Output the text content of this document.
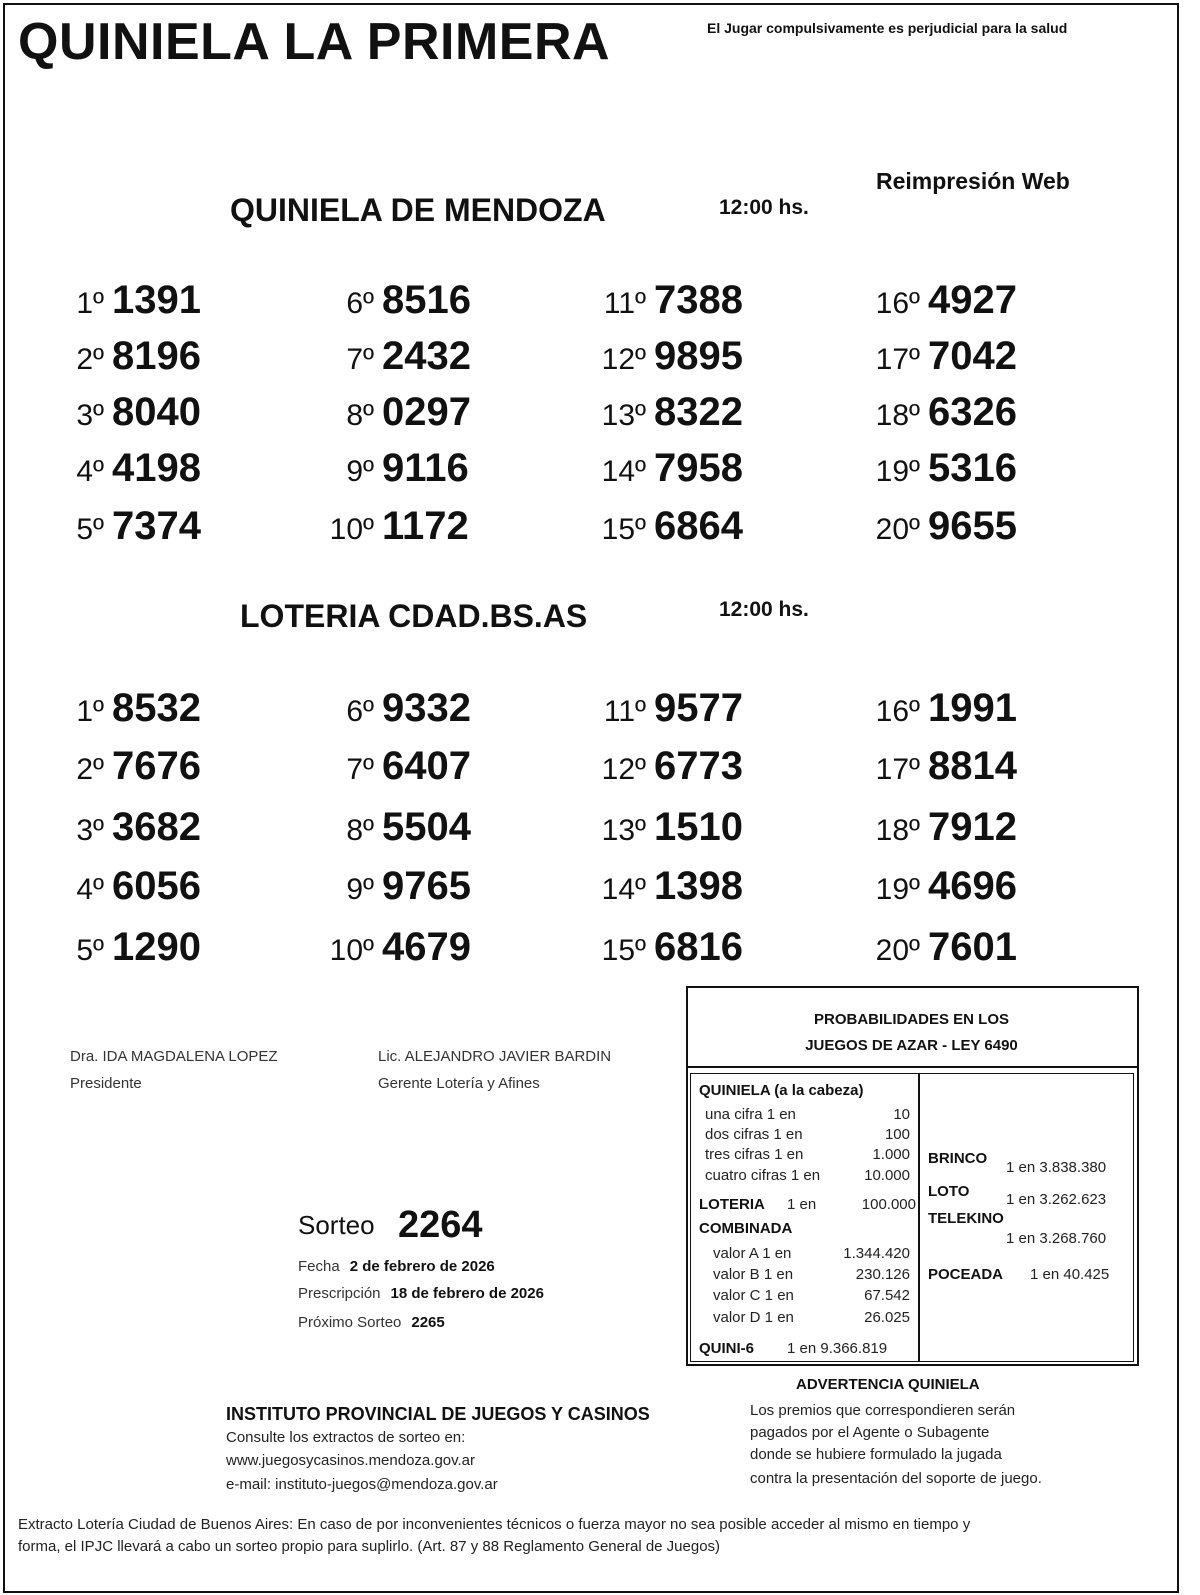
QUINIELA LA PRIMERA	El Jugar compulsivamente es perjudicial para la salud
Reimpresión Web
QUINIELA DE MENDOZA	12:00 hs.
1º 1391
2º 8196
3º 8040
4º 4198
5º 7374
6º 8516
7º 2432
8º 0297
9º 9116
10º 1172
11º 7388
12º 9895
13º 8322
14º 7958
15º 6864
16º 4927
17º 7042
18º 6326
19º 5316
20º 9655
LOTERIA CDAD.BS.AS	12:00 hs.
1º 8532
2º 7676
3º 3682
4º 6056
5º 1290
6º 9332
7º 6407
8º 5504
9º 9765
10º 4679
11º 9577
12º 6773
13º 1510
14º 1398
15º 6816
16º 1991
17º 8814
18º 7912
19º 4696
20º 7601
Dra. IDA MAGDALENA LOPEZ
Presidente
Lic. ALEJANDRO JAVIER BARDIN
Gerente Lotería y Afines
PROBABILIDADES EN LOS
JUEGOS DE AZAR - LEY 6490
QUINIELA (a la cabeza)
una cifra 1 en	10
dos cifras 1 en	100
tres cifras 1 en	1.000
cuatro cifras 1 en	10.000
LOTERIA 1 en	100.000
COMBINADA
valor A 1 en	1.344.420
valor B 1 en	230.126
valor C 1 en	67.542
valor D 1 en	26.025
QUINI-6 1 en 9.366.819
BRINCO
1 en 3.838.380
LOTO 1 en 3.262.623
TELEKINO
1 en 3.268.760
POCEADA 1 en 40.425
Sorteo 2264
Fecha 2 de febrero de 2026
Prescripción 18 de febrero de 2026
Próximo Sorteo 2265
ADVERTENCIA QUINIELA
Los premios que correspondieren serán
pagados por el Agente o Subagente
donde se hubiere formulado la jugada
contra la presentación del soporte de juego.
INSTITUTO PROVINCIAL DE JUEGOS Y CASINOS
Consulte los extractos de sorteo en:
www.juegosycasinos.mendoza.gov.ar
e-mail: instituto-juegos@mendoza.gov.ar
Extracto Lotería Ciudad de Buenos Aires: En caso de por inconvenientes técnicos o fuerza mayor no sea posible acceder al mismo en tiempo y
forma, el IPJC llevará a cabo un sorteo propio para suplirlo. (Art. 87 y 88 Reglamento General de Juegos)
